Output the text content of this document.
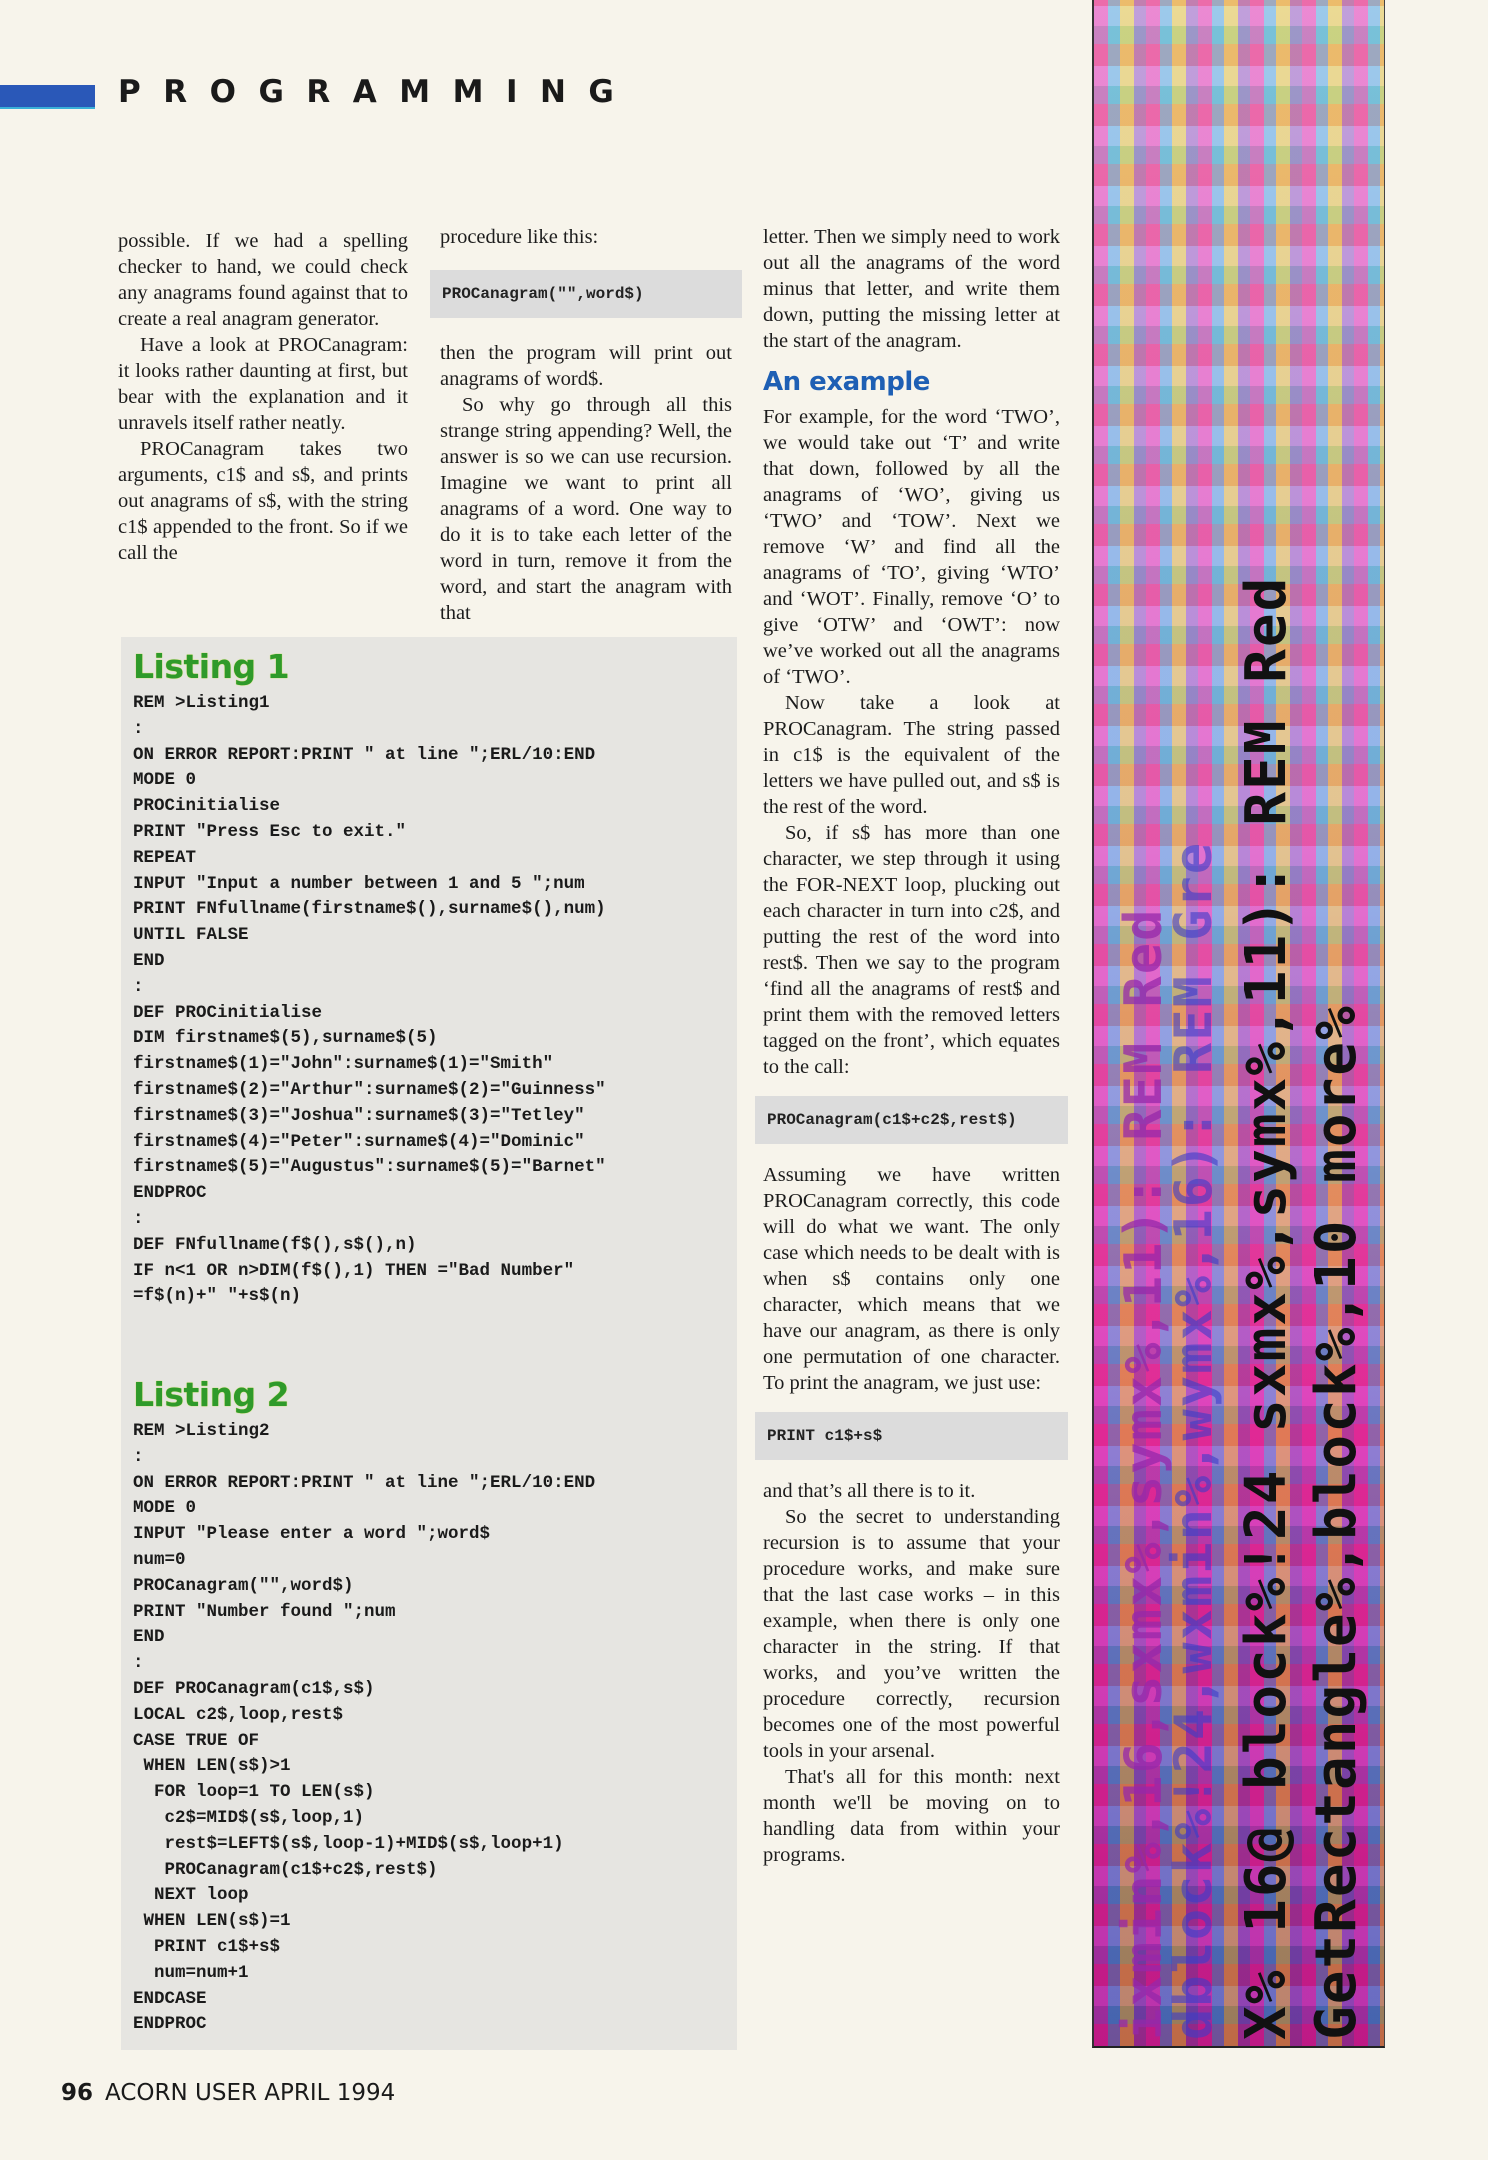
PROGRAMMING

possible. If we had a spelling checker to hand, we could check any anagrams found against that to create a real anagram generator.

Have a look at PROCanagram: it looks rather daunting at first, but bear with the explanation and it unravels itself rather neatly.

PROCanagram takes two arguments, c1$ and s$, and prints out anagrams of s$, with the string c1$ appended to the front. So if we call the

procedure like this:

PROCanagram("",word$)

then the program will print out anagrams of word$.

So why go through all this strange string appending? Well, the answer is so we can use recursion. Imagine we want to print all anagrams of a word. One way to do it is to take each letter of the word in turn, remove it from the word, and start the anagram with that

letter. Then we simply need to work out all the anagrams of the word minus that letter, and write them down, putting the missing letter at the start of the anagram.

An example

For example, for the word ‘TWO’, we would take out ‘T’ and write that down, followed by all the anagrams of ‘WO’, giving us ‘TWO’ and ‘TOW’. Next we remove ‘W’ and find all the anagrams of ‘TO’, giving ‘WTO’ and ‘WOT’. Finally, remove ‘O’ to give ‘OTW’ and ‘OWT’: now we’ve worked out all the anagrams of ‘TWO’.

Now take a look at PROCanagram. The string passed in c1$ is the equivalent of the letters we have pulled out, and s$ is the rest of the word.

So, if s$ has more than one character, we step through it using the FOR-NEXT loop, plucking out each character in turn into c2$, and putting the rest of the word into rest$. Then we say to the program ‘find all the anagrams of rest$ and print them with the removed letters tagged on the front’, which equates to the call:

PROCanagram(c1$+c2$,rest$)

Assuming we have written PROCanagram correctly, this code will do what we want. The only case which needs to be dealt with is when s$ contains only one character, which means that we have our anagram, as there is only one permutation of one character. To print the anagram, we just use:

PRINT c1$+s$

and that’s all there is to it.

So the secret to understanding recursion is to assume that your procedure works, and make sure that the last case works – in this example, when there is only one character in the string. If that works, and you’ve written the procedure correctly, recursion becomes one of the most powerful tools in your arsenal.

That's all for this month: next month we'll be moving on to handling data from within your programs.

Listing 1
REM >Listing1
:
ON ERROR REPORT:PRINT " at line ";ERL/10:END
MODE 0
PROCinitialise
PRINT "Press Esc to exit."
REPEAT
INPUT "Input a number between 1 and 5 ";num
PRINT FNfullname(firstname$(),surname$(),num)
UNTIL FALSE
END
:
DEF PROCinitialise
DIM firstname$(5),surname$(5)
firstname$(1)="John":surname$(1)="Smith"
firstname$(2)="Arthur":surname$(2)="Guinness"
firstname$(3)="Joshua":surname$(3)="Tetley"
firstname$(4)="Peter":surname$(4)="Dominic"
firstname$(5)="Augustus":surname$(5)="Barnet"
ENDPROC
:
DEF FNfullname(f$(),s$(),n)
IF n<1 OR n>DIM(f$(),1) THEN ="Bad Number"
=f$(n)+" "+s$(n)
Listing 2
REM >Listing2
:
ON ERROR REPORT:PRINT " at line ";ERL/10:END
MODE 0
INPUT "Please enter a word ";word$
num=0
PROCanagram("",word$)
PRINT "Number found ";num
END
:
DEF PROCanagram(c1$,s$)
LOCAL c2$,loop,rest$
CASE TRUE OF
WHEN LEN(s$)>1
FOR loop=1 TO LEN(s$)
c2$=MID$(s$,loop,1)
rest$=LEFT$(s$,loop-1)+MID$(s$,loop+1)
PROCanagram(c1$+c2$,rest$)
NEXT loop
WHEN LEN(s$)=1
PRINT c1$+s$
num=num+1
ENDCASE
ENDPROC	ixmin%,16,sxmx%,symx%,11): REM Red
dblock%!24,wxmin%,wymx%,16): REM Gre X% 16@ block%!24 sxmx%,symx%,11): REM Red GetRectangle%,block%,10 more%
96 ACORN USER APRIL 1994
